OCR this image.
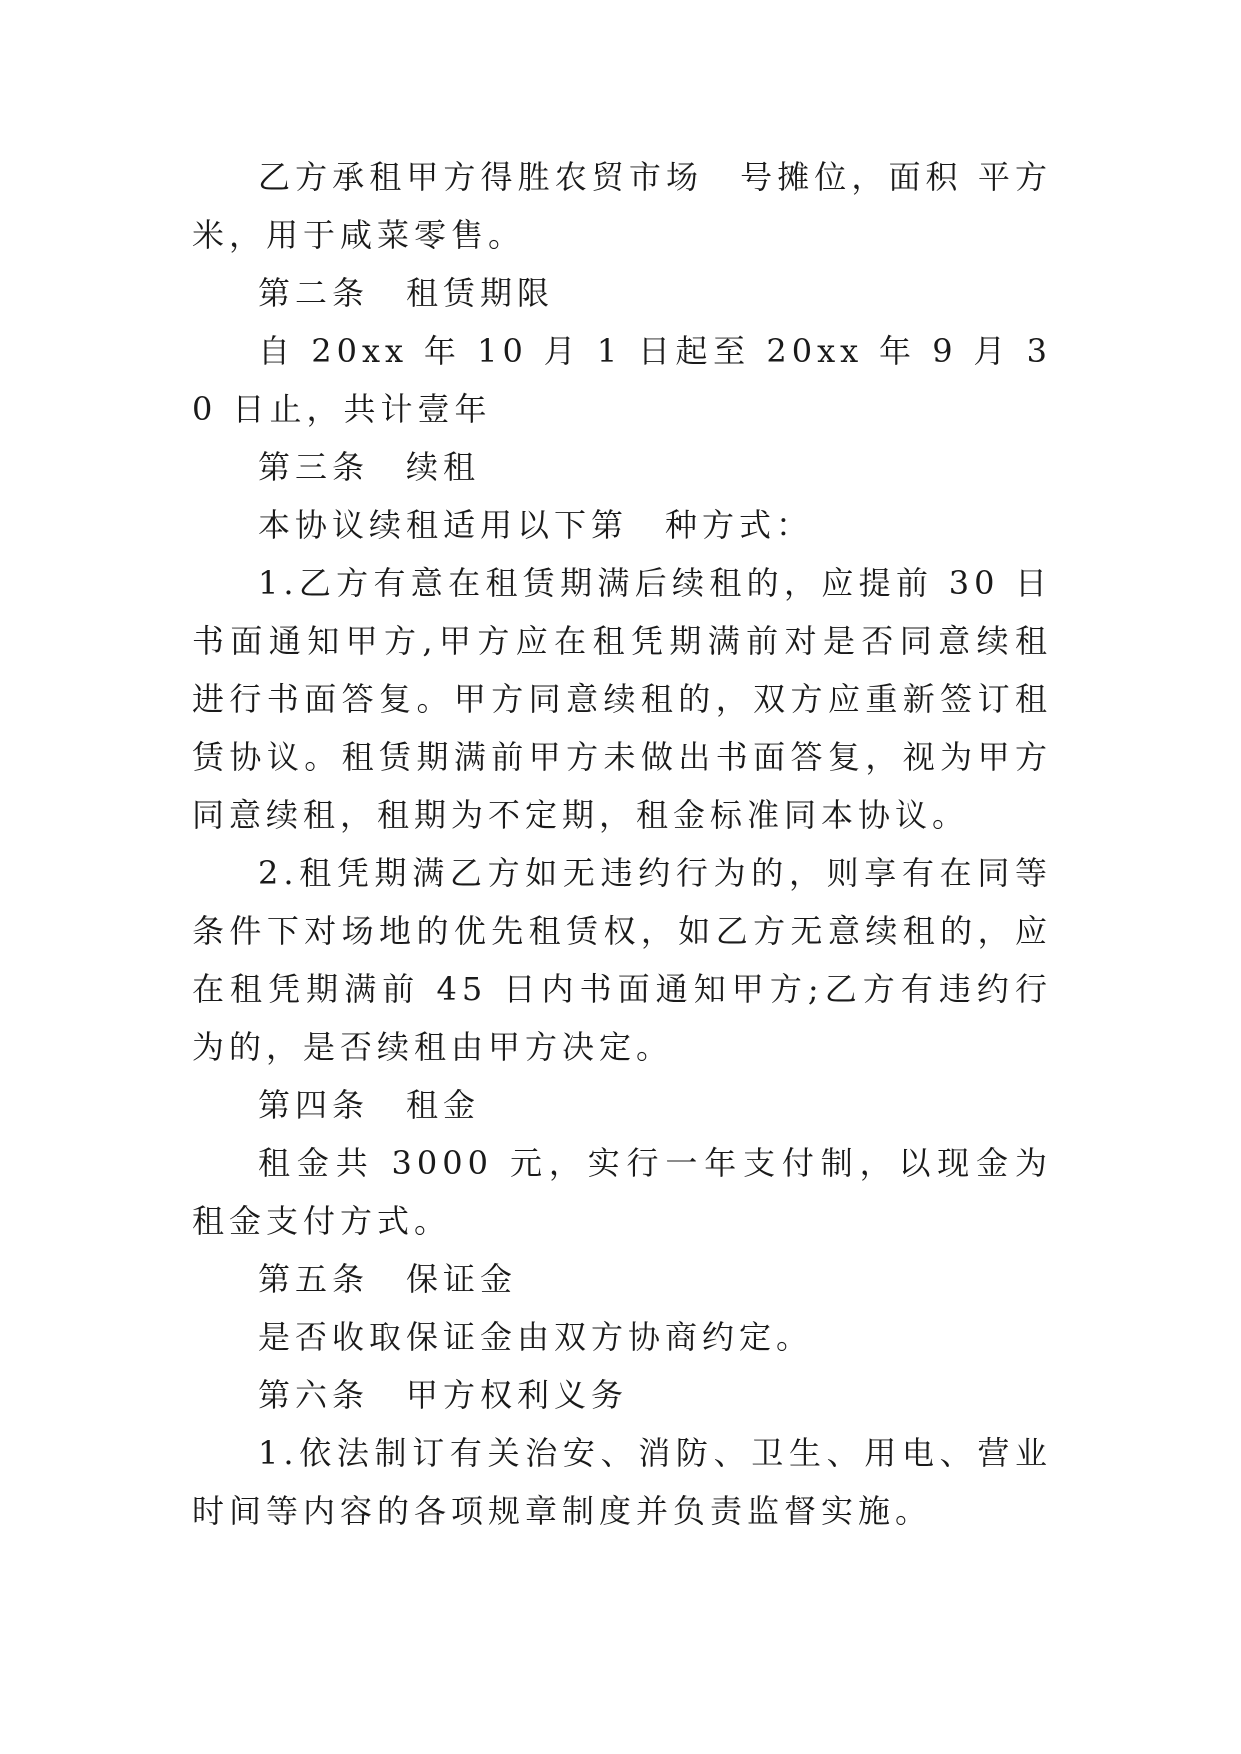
乙方承租甲方得胜农贸市场　号摊位，面积 平方米，用于咸菜零售。

第二条　租赁期限

自 20xx 年 10 月 1 日起至 20xx 年 9 月 30 日止，共计壹年

第三条　续租

本协议续租适用以下第　种方式：

1.乙方有意在租赁期满后续租的，应提前 30 日书面通知甲方,甲方应在租凭期满前对是否同意续租进行书面答复。甲方同意续租的，双方应重新签订租赁协议。租赁期满前甲方未做出书面答复，视为甲方同意续租，租期为不定期，租金标准同本协议。

2.租凭期满乙方如无违约行为的，则享有在同等条件下对场地的优先租赁权，如乙方无意续租的，应在租凭期满前 45 日内书面通知甲方;乙方有违约行为的，是否续租由甲方决定。

第四条　租金

租金共 3000 元，实行一年支付制，以现金为租金支付方式。

第五条　保证金

是否收取保证金由双方协商约定。

第六条　甲方权利义务

1.依法制订有关治安、消防、卫生、用电、营业时间等内容的各项规章制度并负责监督实施。
